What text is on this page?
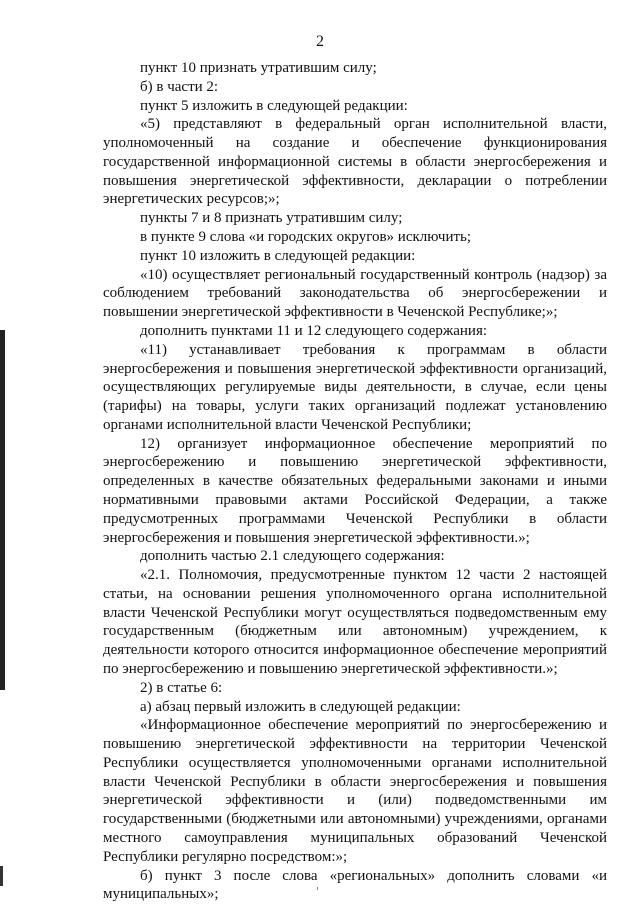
2

пункт 10 признать утратившим силу;

б) в части 2:

пункт 5 изложить в следующей редакции:

«5) представляют в федеральный орган исполнительной власти, уполномоченный на создание и обеспечение функционирования государственной информационной системы в области энергосбережения и повышения энергетической эффективности, декларации о потреблении энергетических ресурсов;»;

пункты 7 и 8 признать утратившим силу;

в пункте 9 слова «и городских округов» исключить;

пункт 10 изложить в следующей редакции:

«10) осуществляет региональный государственный контроль (надзор) за соблюдением требований законодательства об энергосбережении и повышении энергетической эффективности в Чеченской Республике;»;

дополнить пунктами 11 и 12 следующего содержания:

«11) устанавливает требования к программам в области энергосбережения и повышения энергетической эффективности организаций, осуществляющих регулируемые виды деятельности, в случае, если цены (тарифы) на товары, услуги таких организаций подлежат установлению органами исполнительной власти Чеченской Республики;

12) организует информационное обеспечение мероприятий по энергосбережению и повышению энергетической эффективности, определенных в качестве обязательных федеральными законами и иными нормативными правовыми актами Российской Федерации, а также предусмотренных программами Чеченской Республики в области энергосбережения и повышения энергетической эффективности.»;

дополнить частью 2.1 следующего содержания:

«2.1. Полномочия, предусмотренные пунктом 12 части 2 настоящей статьи, на основании решения уполномоченного органа исполнительной власти Чеченской Республики могут осуществляться подведомственным ему государственным (бюджетным или автономным) учреждением, к деятельности которого относится информационное обеспечение мероприятий по энергосбережению и повышению энергетической эффективности.»;

2) в статье 6:

а) абзац первый изложить в следующей редакции:

«Информационное обеспечение мероприятий по энергосбережению и повышению энергетической эффективности на территории Чеченской Республики осуществляется уполномоченными органами исполнительной власти Чеченской Республики в области энергосбережения и повышения энергетической эффективности и (или) подведомственными им государственными (бюджетными или автономными) учреждениями, органами местного самоуправления муниципальных образований Чеченской Республики регулярно посредством:»;

б) пункт 3 после слова «региональных» дополнить словами «и муниципальных»;
